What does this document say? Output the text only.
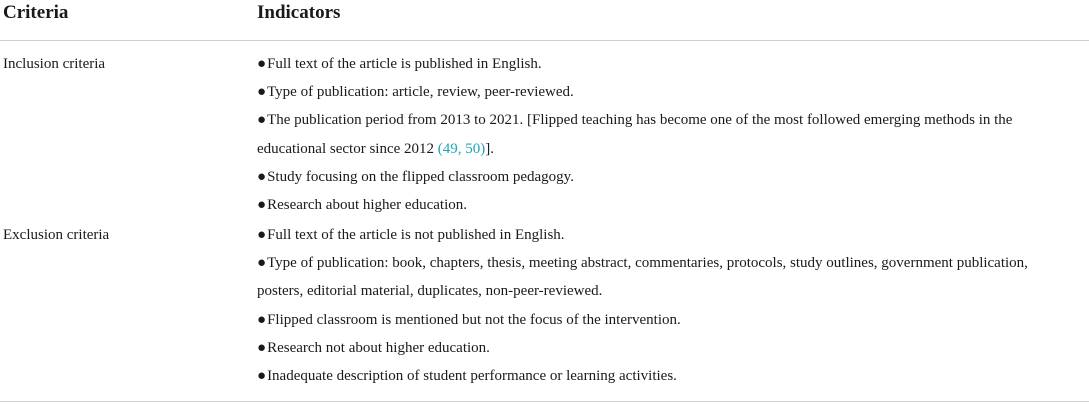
Criteria	Indicators
Inclusion criteria	●Full text of the article is published in English.
●Type of publication: article, review, peer-reviewed.
●The publication period from 2013 to 2021. [Flipped teaching has become one of the most followed emerging methods in the educational sector since 2012 (49, 50)].
●Study focusing on the flipped classroom pedagogy.
●Research about higher education.
Exclusion criteria	●Full text of the article is not published in English.
●Type of publication: book, chapters, thesis, meeting abstract, commentaries, protocols, study outlines, government publication, posters, editorial material, duplicates, non-peer-reviewed.
●Flipped classroom is mentioned but not the focus of the intervention.
●Research not about higher education.
●Inadequate description of student performance or learning activities.
